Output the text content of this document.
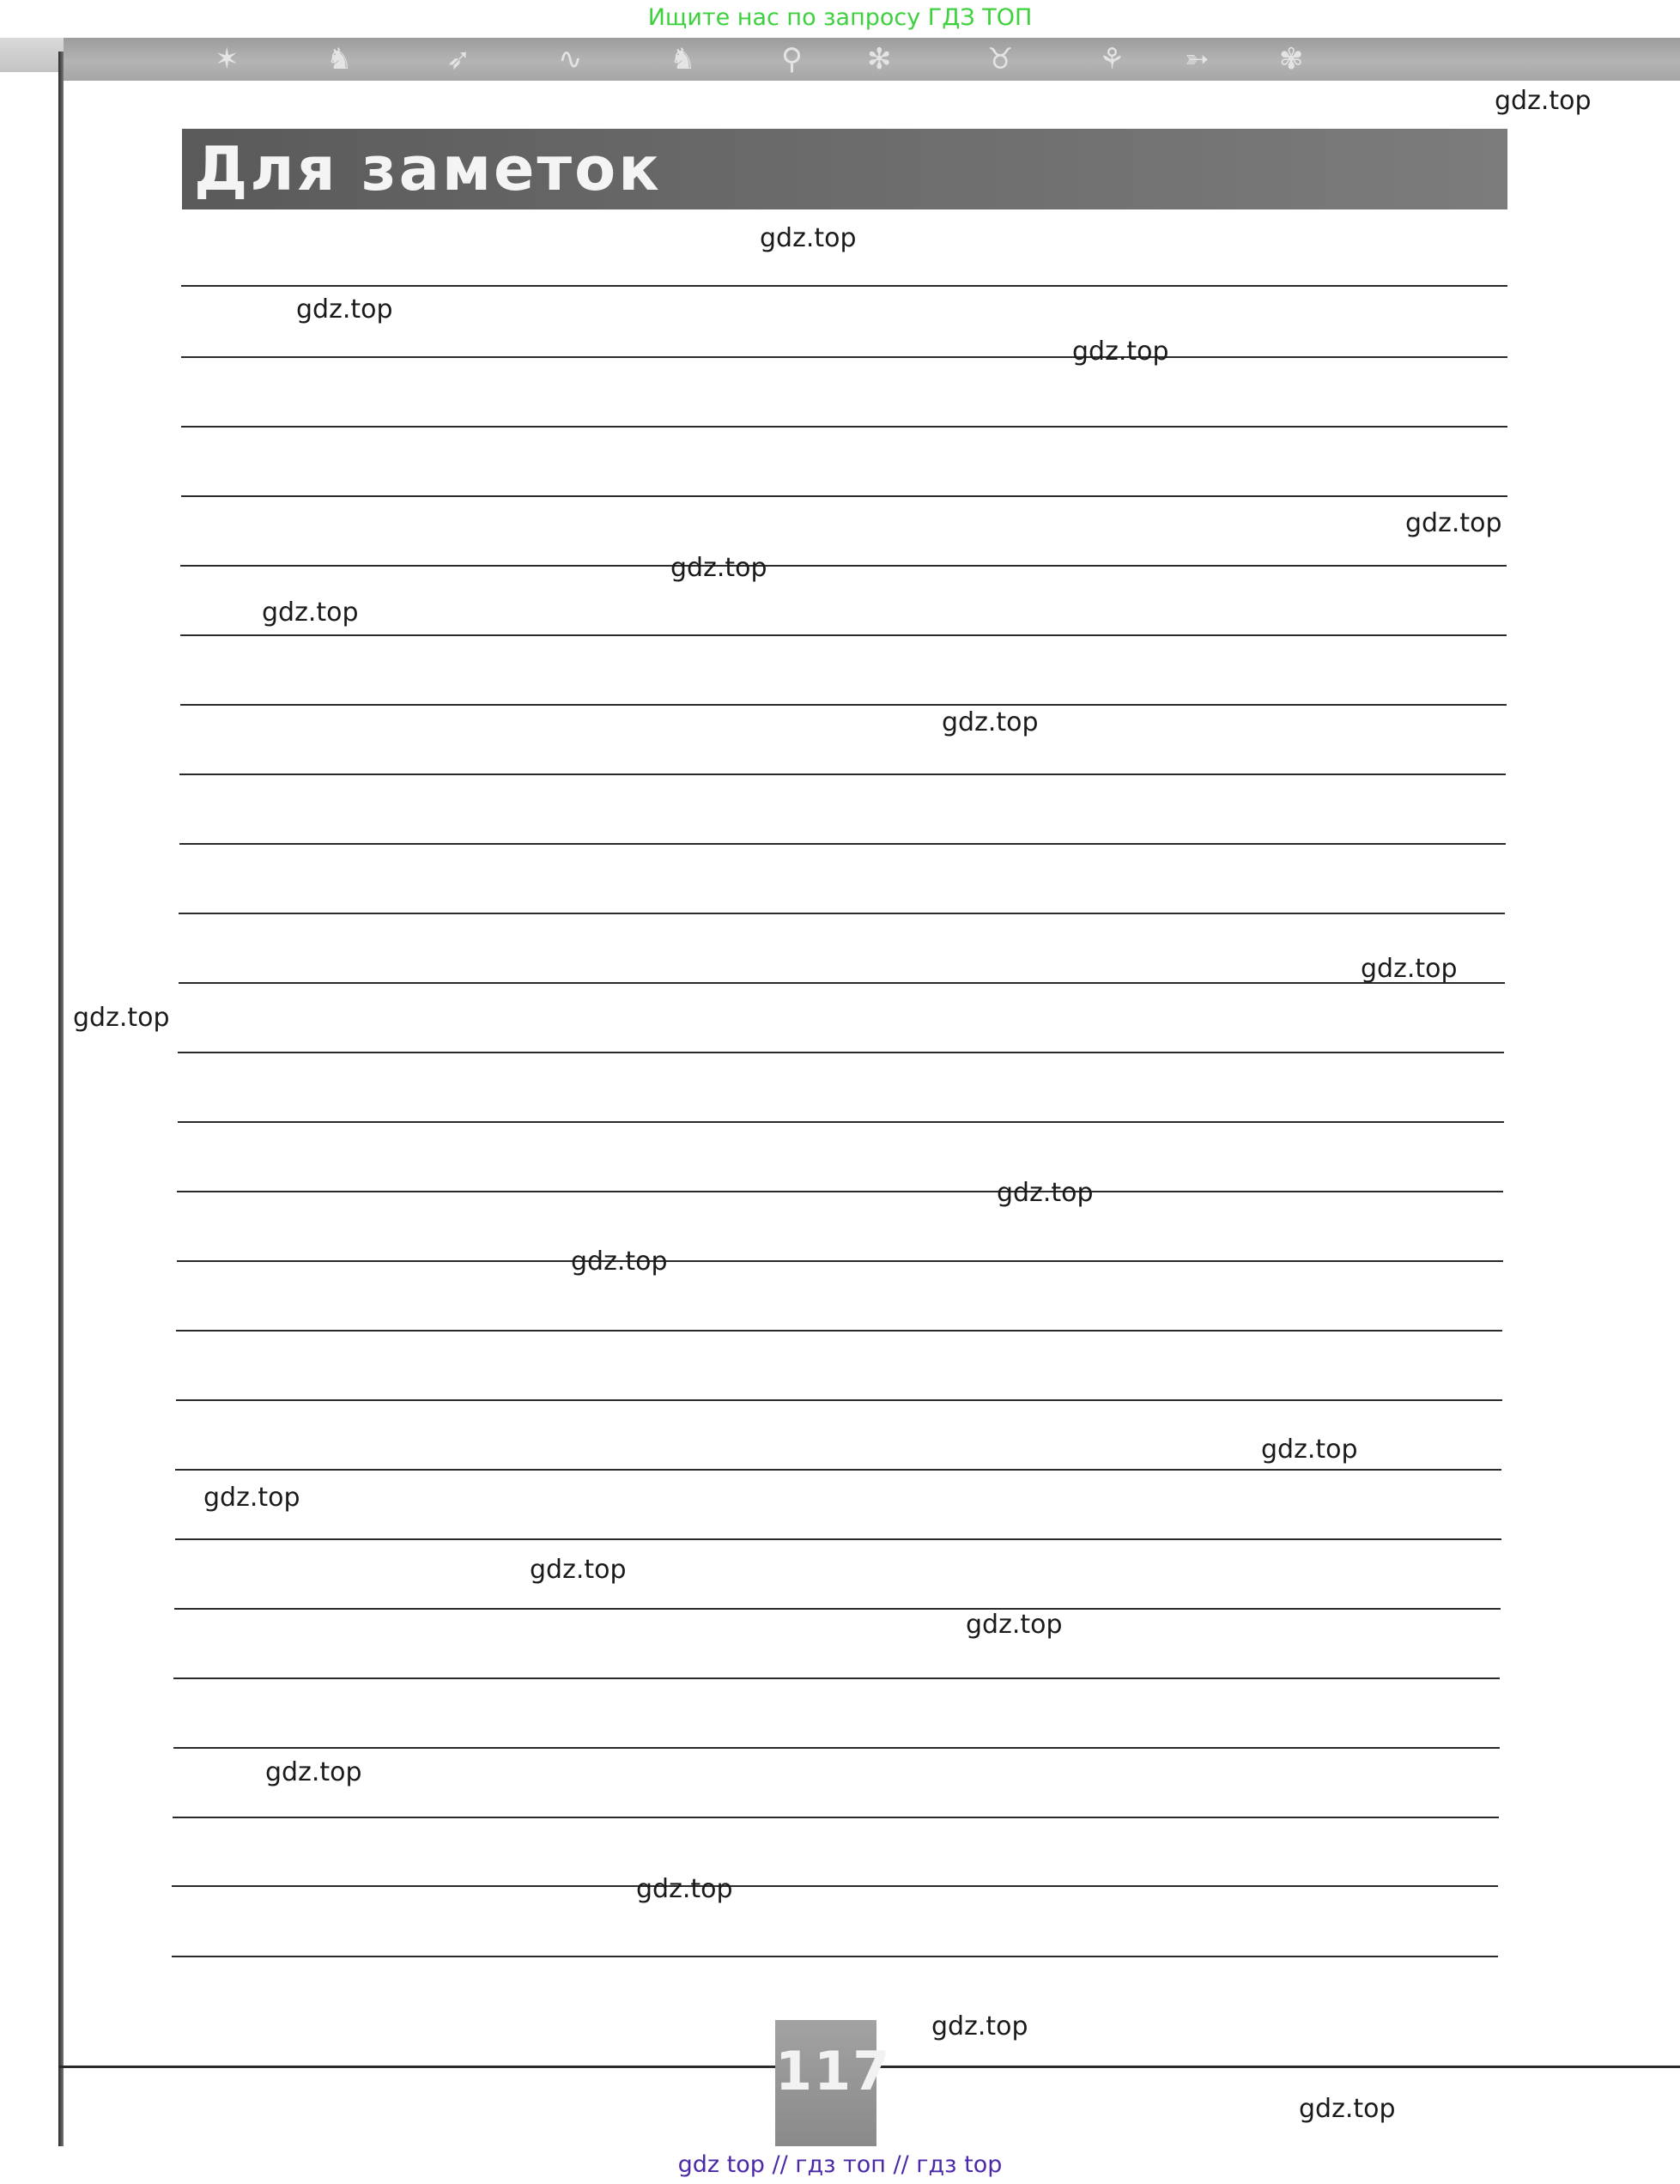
Ищите нас по запросу ГДЗ ТОП
✶	♞	➶	∿	♞	⚲ ✻	♉	⚘ ➳ ✾
Для заметок
gdz.top
gdz.top
gdz.top
gdz.top
gdz.top
gdz.top
gdz.top
gdz.top
gdz.top
gdz.top
gdz.top
gdz.top
gdz.top
gdz.top
gdz.top
gdz.top
gdz.top
gdz.top
gdz.top
gdz.top
117
gdz top // гдз топ // гдз top
